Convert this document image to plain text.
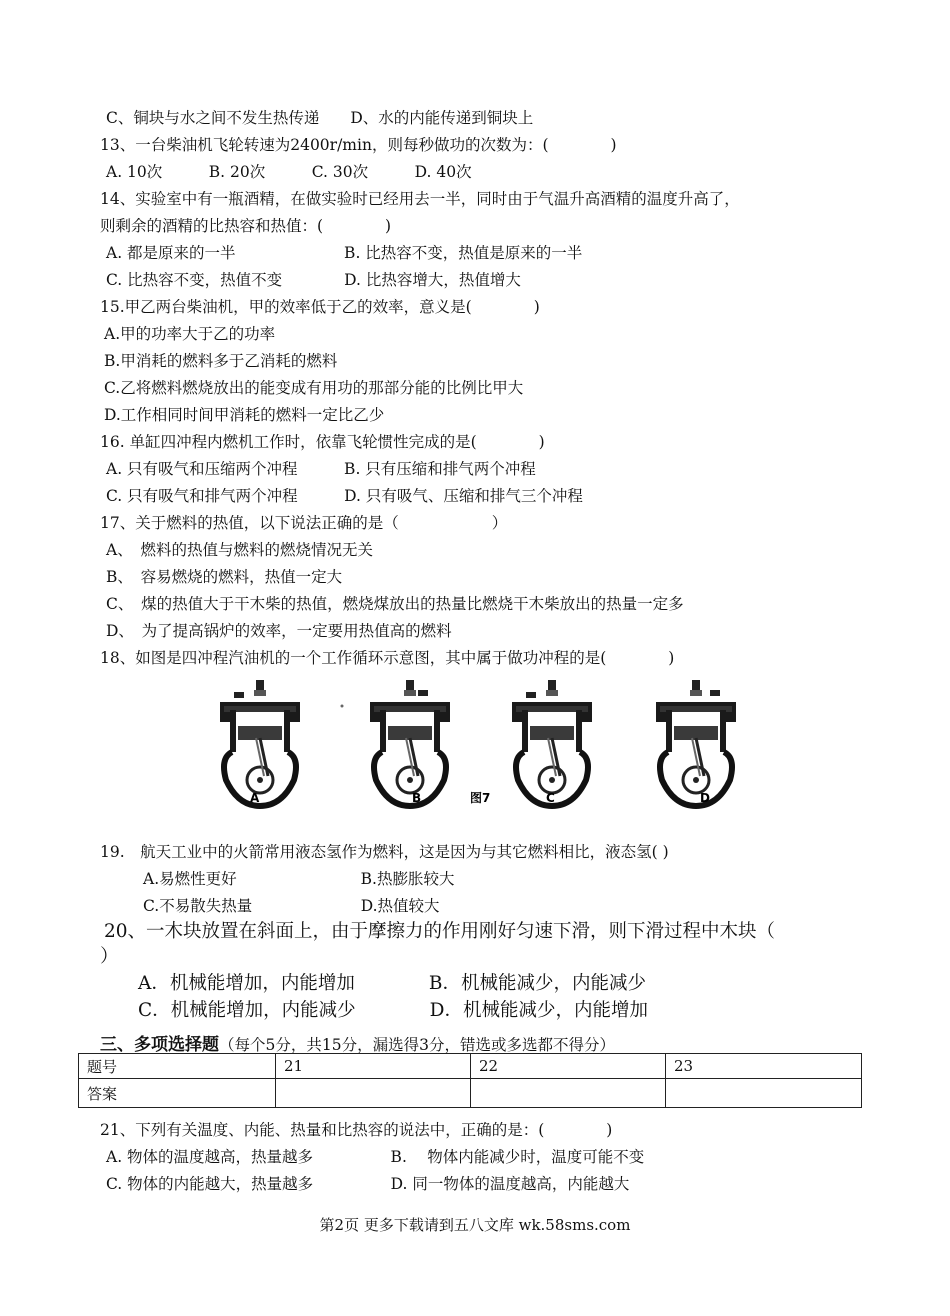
C、铜块与水之间不发生热传递　　D、水的内能传递到铜块上
13、一台柴油机飞轮转速为2400r/min，则每秒做功的次数为：(　　　　)
A. 10次　　　B. 20次　　　C. 30次　　　D. 40次
14、实验室中有一瓶酒精，在做实验时已经用去一半，同时由于气温升高酒精的温度升高了，
则剩余的酒精的比热容和热值：(　　　　)
A. 都是原来的一半　　　　　　　B. 比热容不变，热值是原来的一半
C. 比热容不变，热值不变　　　　D. 比热容增大，热值增大
15.甲乙两台柴油机，甲的效率低于乙的效率，意义是(　　　　)
A.甲的功率大于乙的功率
B.甲消耗的燃料多于乙消耗的燃料
C.乙将燃料燃烧放出的能变成有用功的那部分能的比例比甲大
D.工作相同时间甲消耗的燃料一定比乙少
16. 单缸四冲程内燃机工作时，依靠飞轮惯性完成的是(　　　　)
A. 只有吸气和压缩两个冲程　　　B. 只有压缩和排气两个冲程
C. 只有吸气和排气两个冲程　　　D. 只有吸气、压缩和排气三个冲程
17、关于燃料的热值，以下说法正确的是（　　　　　　）
A、　燃料的热值与燃料的燃烧情况无关
B、　容易燃烧的燃料，热值一定大
C、　煤的热值大于干木柴的热值，燃烧煤放出的热量比燃烧干木柴放出的热量一定多
D、　为了提高锅炉的效率，一定要用热值高的燃料
18、如图是四冲程汽油机的一个工作循环示意图，其中属于做功冲程的是(　　　　)
A	B	图7	C	D
19.　航天工业中的火箭常用液态氢作为燃料，这是因为与其它燃料相比，液态氢( )
A.易燃性更好　　　　　　　　B.热膨胀较大
C.不易散失热量　　　　　　　D.热值较大
20、一木块放置在斜面上，由于摩擦力的作用刚好匀速下滑，则下滑过程中木块（
）
A．机械能增加，内能增加　　　　B．机械能减少，内能减少
C．机械能增加，内能减少　　　　D．机械能减少，内能增加
三、多项选择题（每个5分，共15分，漏选得3分，错选或多选都不得分）
题号	21	22	23
答案			
21、下列有关温度、内能、热量和比热容的说法中，正确的是：(　　　　)
A. 物体的温度越高，热量越多　　　　　B.　 物体内能减少时，温度可能不变
C. 物体的内能越大，热量越多　　　　　D. 同一物体的温度越高，内能越大
第2页 更多下载请到五八文库 wk.58sms.com
